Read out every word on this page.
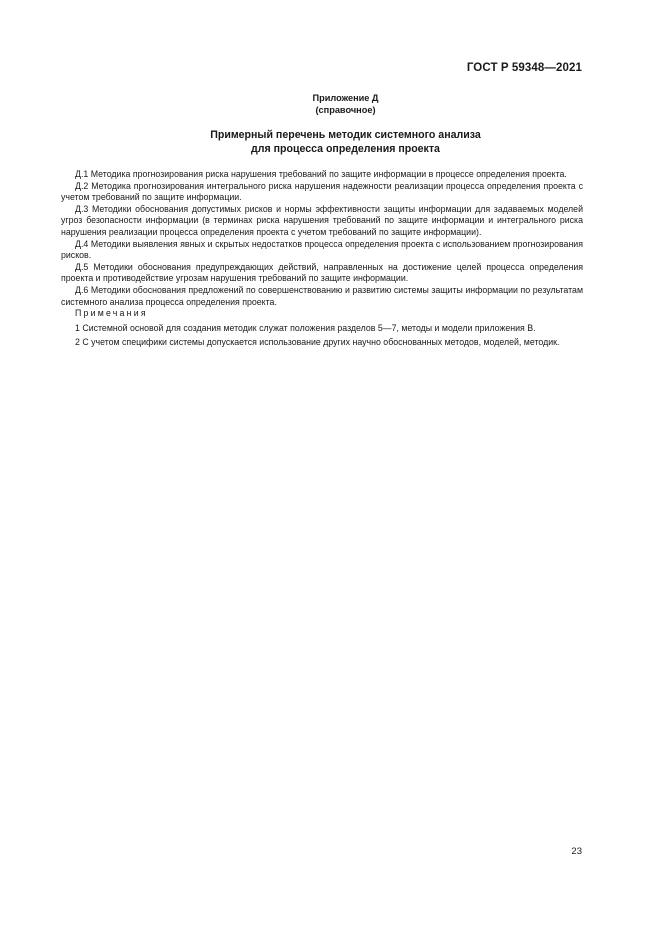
ГОСТ Р 59348—2021
Приложение Д
(справочное)
Примерный перечень методик системного анализа
для процесса определения проекта

Д.1 Методика прогнозирования риска нарушения требований по защите информации в процессе определения проекта.

Д.2 Методика прогнозирования интегрального риска нарушения надежности реализации процесса определения проекта с учетом требований по защите информации.

Д.3 Методики обоснования допустимых рисков и нормы эффективности защиты информации для задаваемых моделей угроз безопасности информации (в терминах риска нарушения требований по защите информации и интегрального риска нарушения реализации процесса определения проекта с учетом требований по защите информации).

Д.4 Методики выявления явных и скрытых недостатков процесса определения проекта с использованием прогнозирования рисков.

Д.5 Методики обоснования предупреждающих действий, направленных на достижение целей процесса определения проекта и противодействие угрозам нарушения требований по защите информации.

Д.6 Методики обоснования предложений по совершенствованию и развитию системы защиты информации по результатам системного анализа процесса определения проекта.

Примечания

1 Системной основой для создания методик служат положения разделов 5—7, методы и модели приложения В.

2 С учетом специфики системы допускается использование других научно обоснованных методов, моделей, методик.

23
